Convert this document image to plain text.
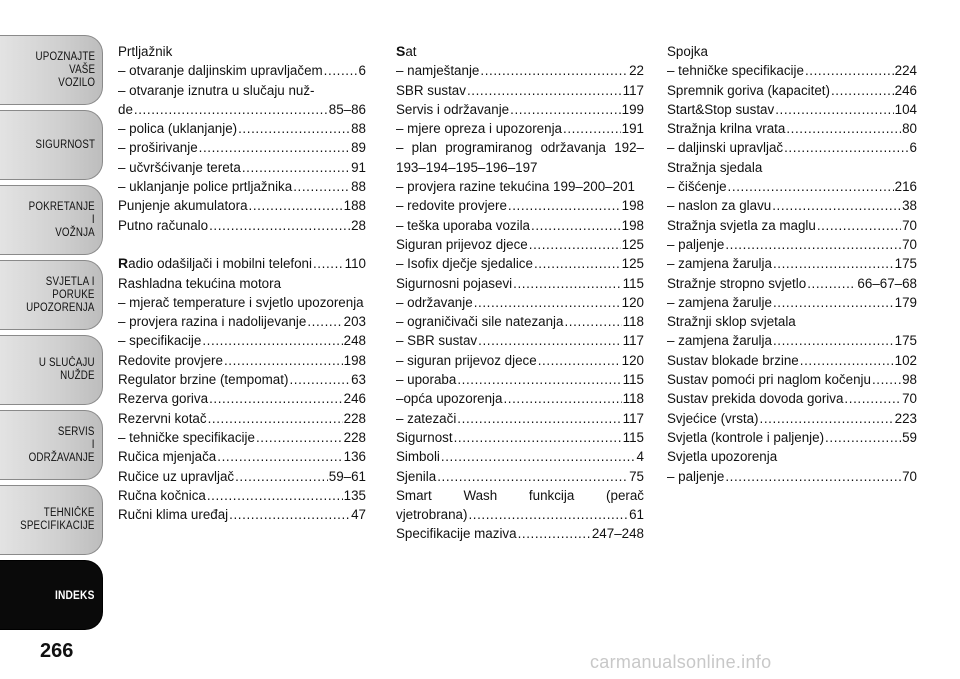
UPOZNAJTE
VAŠE
VOZILO
SIGURNOST
POKRETANJE
I
VOŽNJA
SVJETLA I
PORUKE
UPOZORENJA
U SLUČAJU
NUŽDE
SERVIS
I
ODRŽAVANJE
TEHNIČKE
SPECIFIKACIJE
INDEKS
266
Prtljažnik
– otvaranje daljinskim upravljačem .....	6
– otvaranje iznutra u slučaju nuž-
de .....	85–86
– polica (uklanjanje) .....	88
– proširivanje .....	89
– učvršćivanje tereta .....	91
– uklanjanje police prtljažnika .....	88
Punjenje akumulatora .....	188
Putno računalo .....	28
Radio odašiljači i mobilni telefoni ..... 110
Rashladna tekućina motora
– mjerač temperature i svjetlo upozorenja
– provjera razina i nadolijevanje .....	203
– specifikacije .....	248
Redovite provjere .....	198
Regulator brzine (tempomat) .....	63
Rezerva goriva .....	246
Rezervni kotač .....	228
– tehničke specifikacije .....	228
Ručica mjenjača .....	136
Ručice uz upravljač .....	59–61
Ručna kočnica .....	135
Ručni klima uređaj .....	47
Sat
– namještanje .....	22
SBR sustav .....	117
Servis i održavanje .....	199
– mjere opreza i upozorenja .....	191
– plan programiranog održavanja 192–193–194–195–196–197
– provjera razine tekućina 199–200–201
– redovite provjere .....	198
– teška uporaba vozila .....	198
Siguran prijevoz djece .....	125
– Isofix dječje sjedalice .....	125
Sigurnosni pojasevi .....	115
– održavanje .....	120
– ograničivači sile natezanja .....	118
– SBR sustav .....	117
– siguran prijevoz djece .....	120
– uporaba .....	115
–opća upozorenja .....	118
– zatezači .....	117
Sigurnost .....	115
Simboli .....	4
Sjenila .....	75
Smart Wash funkcija (perač
vjetrobrana) .....	61
Specifikacije maziva .....	247–248
Spojka
– tehničke specifikacije .....	224
Spremnik goriva (kapacitet) .....	246
Start&Stop sustav .....	104
Stražnja krilna vrata .....	80
– daljinski upravljač .....	6
Stražnja sjedala
– čišćenje .....	216
– naslon za glavu .....	38
Stražnja svjetla za maglu .....	70
– paljenje .....	70
– zamjena žarulja .....	175
Stražnje stropno svjetlo .....	66–67–68
– zamjena žarulje .....	179
Stražnji sklop svjetala
– zamjena žarulja .....	175
Sustav blokade brzine .....	102
Sustav pomoći pri naglom kočenju ..... 98
Sustav prekida dovoda goriva .....	70
Svjećice (vrsta) .....	223
Svjetla (kontrole i paljenje) .....	59
Svjetla upozorenja
– paljenje .....	70
carmanualsonline.info
